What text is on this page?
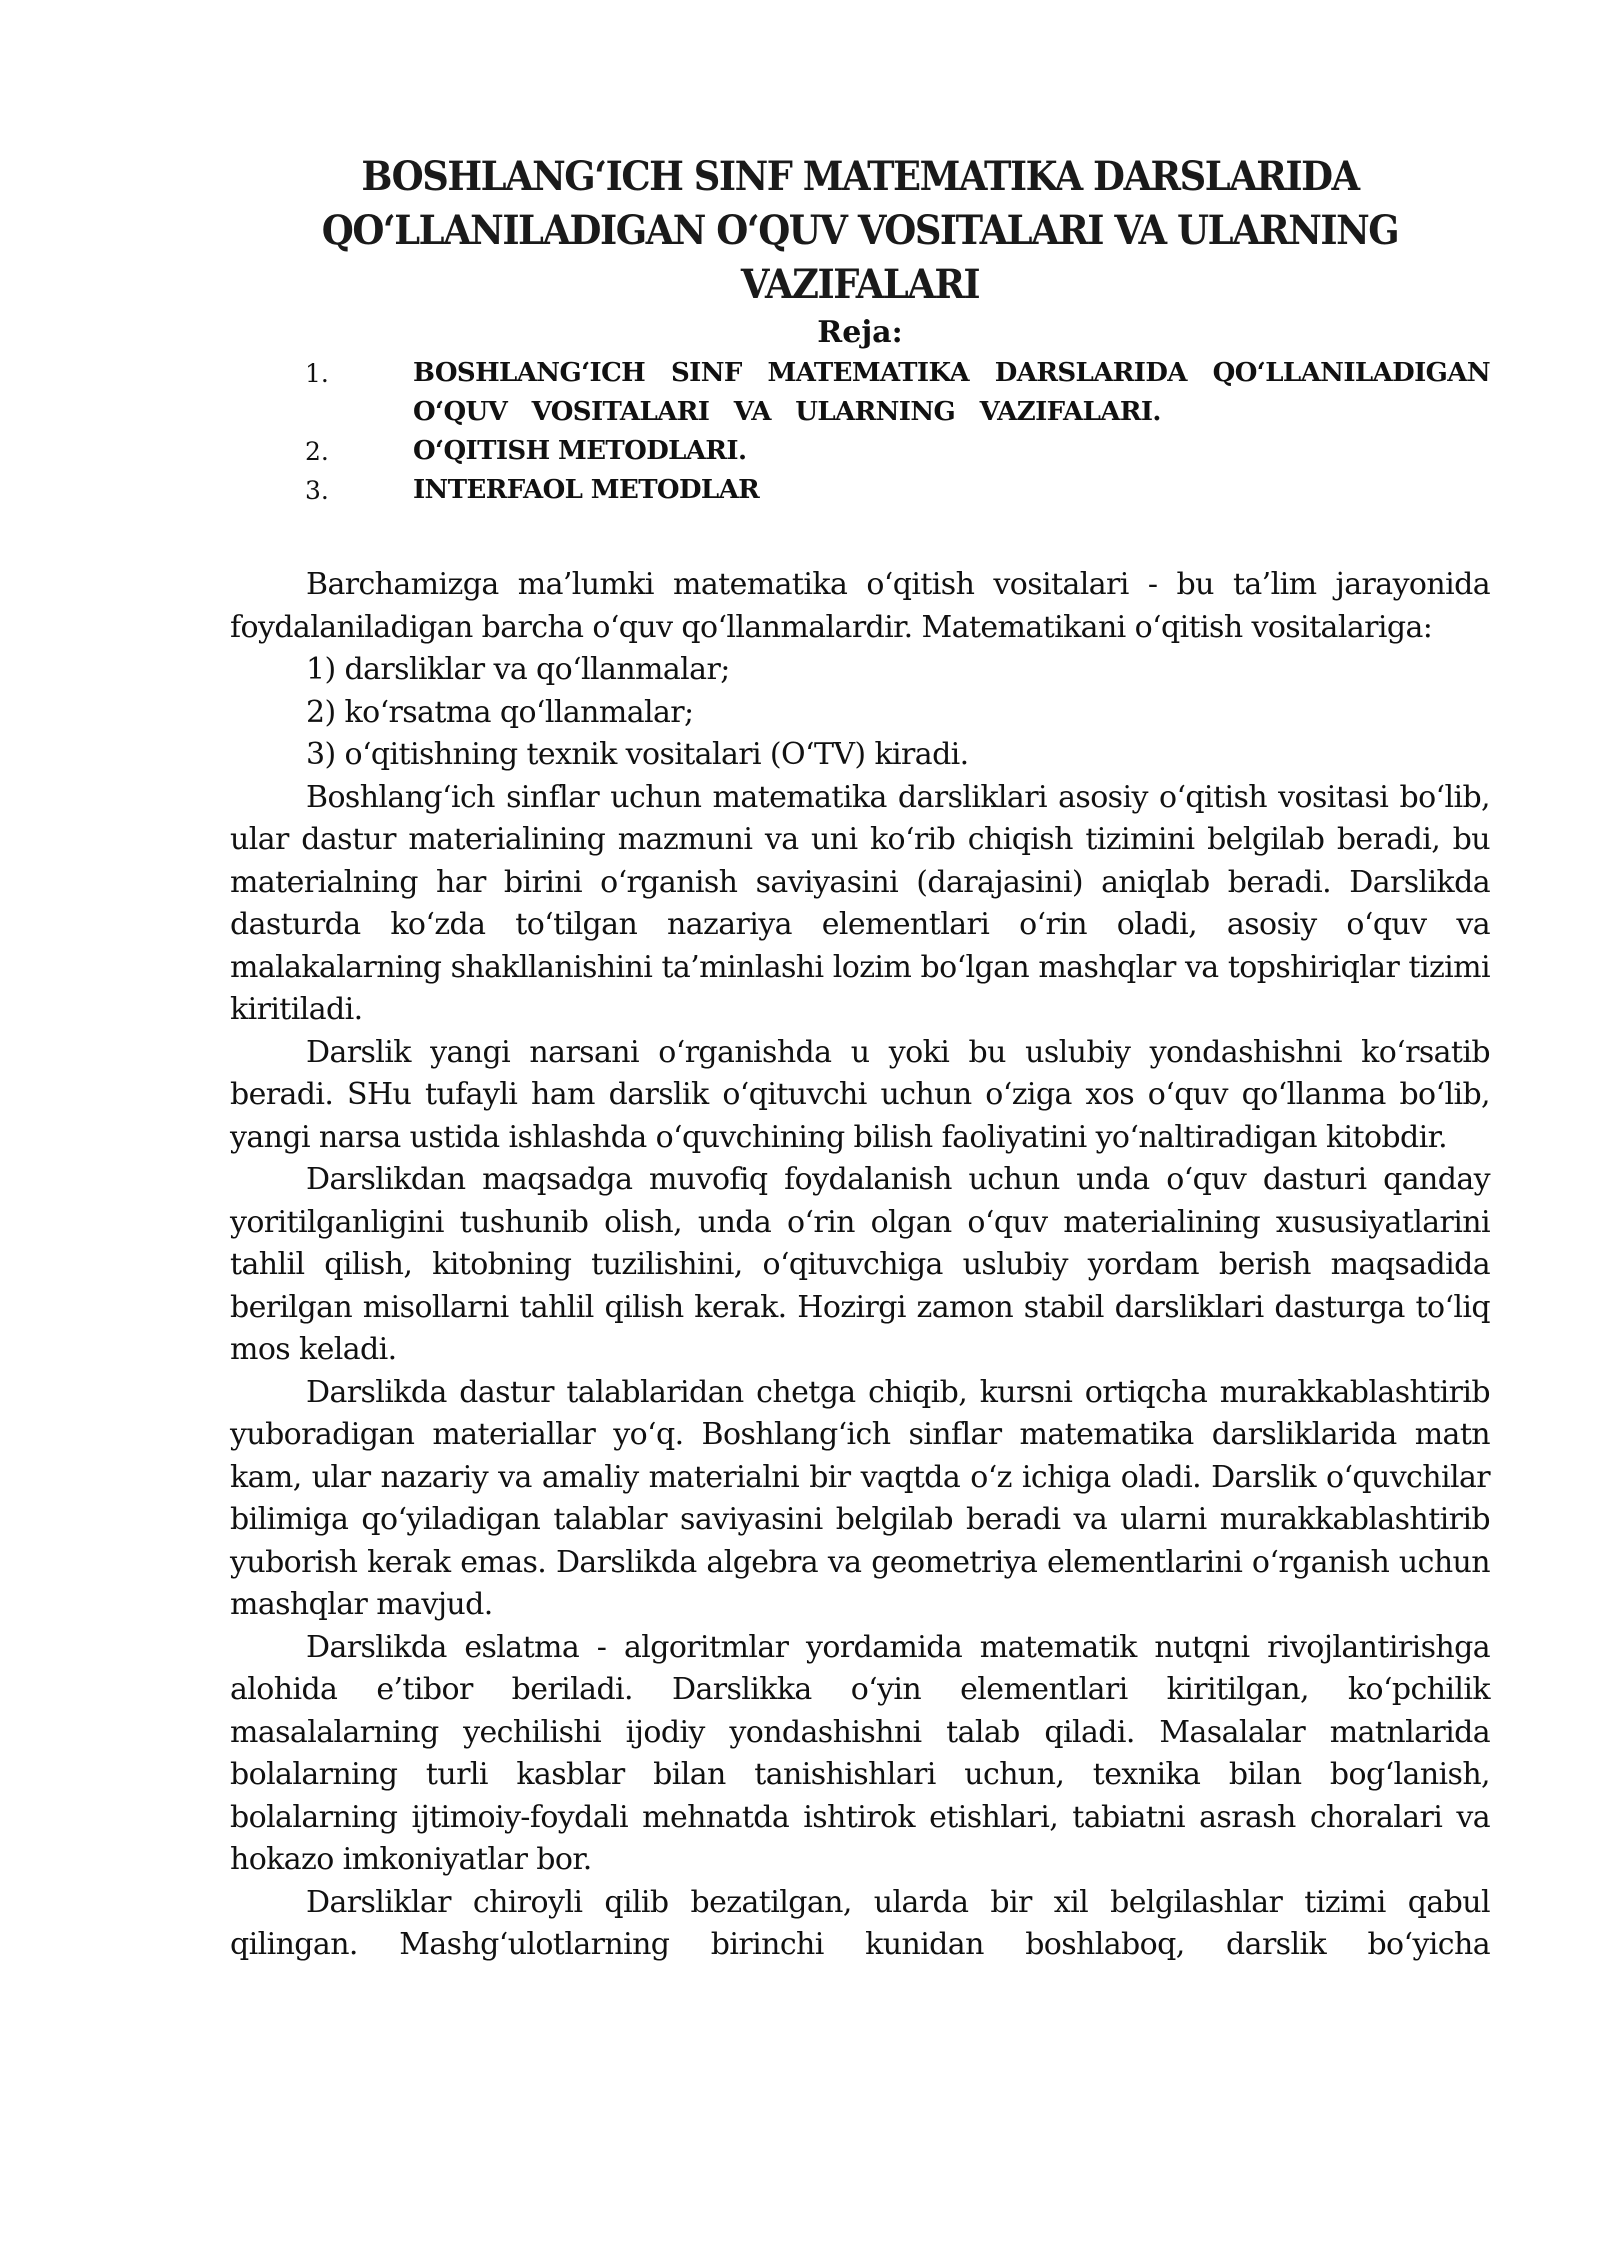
BOSHLANG‘ICH SINF MATEMATIKA DARSLARIDA QO‘LLANILADIGAN O‘QUV VOSITALARI VA ULARNING VAZIFALARI
Reja:
1.	BOSHLANG‘ICH SINF MATEMATIKA DARSLARIDA QO‘LLANILADIGAN O‘QUV VOSITALARI VA ULARNING VAZIFALARI.
2.	O‘QITISH METODLARI.
3.	INTERFAOL METODLAR

Barchamizga ma’lumki matematika o‘qitish vositalari - bu ta’lim jarayonida foydalaniladigan barcha o‘quv qo‘llanmalardir. Matematikani o‘qitish vositalariga:

1) darsliklar va qo‘llanmalar;

2) ko‘rsatma qo‘llanmalar;

3) o‘qitishning texnik vositalari (O‘TV) kiradi.

Boshlang‘ich sinflar uchun matematika darsliklari asosiy o‘qitish vositasi bo‘lib, ular dastur materialining mazmuni va uni ko‘rib chiqish tizimini belgilab beradi, bu materialning har birini o‘rganish saviyasini (darajasini) aniqlab beradi. Darslikda dasturda ko‘zda to‘tilgan nazariya elementlari o‘rin oladi, asosiy o‘quv va malakalarning shakllanishini ta’minlashi lozim bo‘lgan mashqlar va topshiriqlar tizimi kiritiladi.

Darslik yangi narsani o‘rganishda u yoki bu uslubiy yondashishni ko‘rsatib beradi. SHu tufayli ham darslik o‘qituvchi uchun o‘ziga xos o‘quv qo‘llanma bo‘lib, yangi narsa ustida ishlashda o‘quvchining bilish faoliyatini yo‘naltiradigan kitobdir.

Darslikdan maqsadga muvofiq foydalanish uchun unda o‘quv dasturi qanday yoritilganligini tushunib olish, unda o‘rin olgan o‘quv materialining xususiyatlarini tahlil qilish, kitobning tuzilishini, o‘qituvchiga uslubiy yordam berish maqsadida berilgan misollarni tahlil qilish kerak. Hozirgi zamon stabil darsliklari dasturga to‘liq mos keladi.

Darslikda dastur talablaridan chetga chiqib, kursni ortiqcha murakkablashtirib yuboradigan materiallar yo‘q. Boshlang‘ich sinflar matematika darsliklarida matn kam, ular nazariy va amaliy materialni bir vaqtda o‘z ichiga oladi. Darslik o‘quvchilar bilimiga qo‘yiladigan talablar saviyasini belgilab beradi va ularni murakkablashtirib yuborish kerak emas. Darslikda algebra va geometriya elementlarini o‘rganish uchun mashqlar mavjud.

Darslikda eslatma - algoritmlar yordamida matematik nutqni rivojlantirishga alohida e’tibor beriladi. Darslikka o‘yin elementlari kiritilgan, ko‘pchilik masalalarning yechilishi ijodiy yondashishni talab qiladi. Masalalar matnlarida bolalarning turli kasblar bilan tanishishlari uchun, texnika bilan bog‘lanish, bolalarning ijtimoiy-foydali mehnatda ishtirok etishlari, tabiatni asrash choralari va hokazo imkoniyatlar bor.

Darsliklar chiroyli qilib bezatilgan, ularda bir xil belgilashlar tizimi qabul qilingan. Mashg‘ulotlarning birinchi kunidan boshlaboq, darslik bo‘yicha
